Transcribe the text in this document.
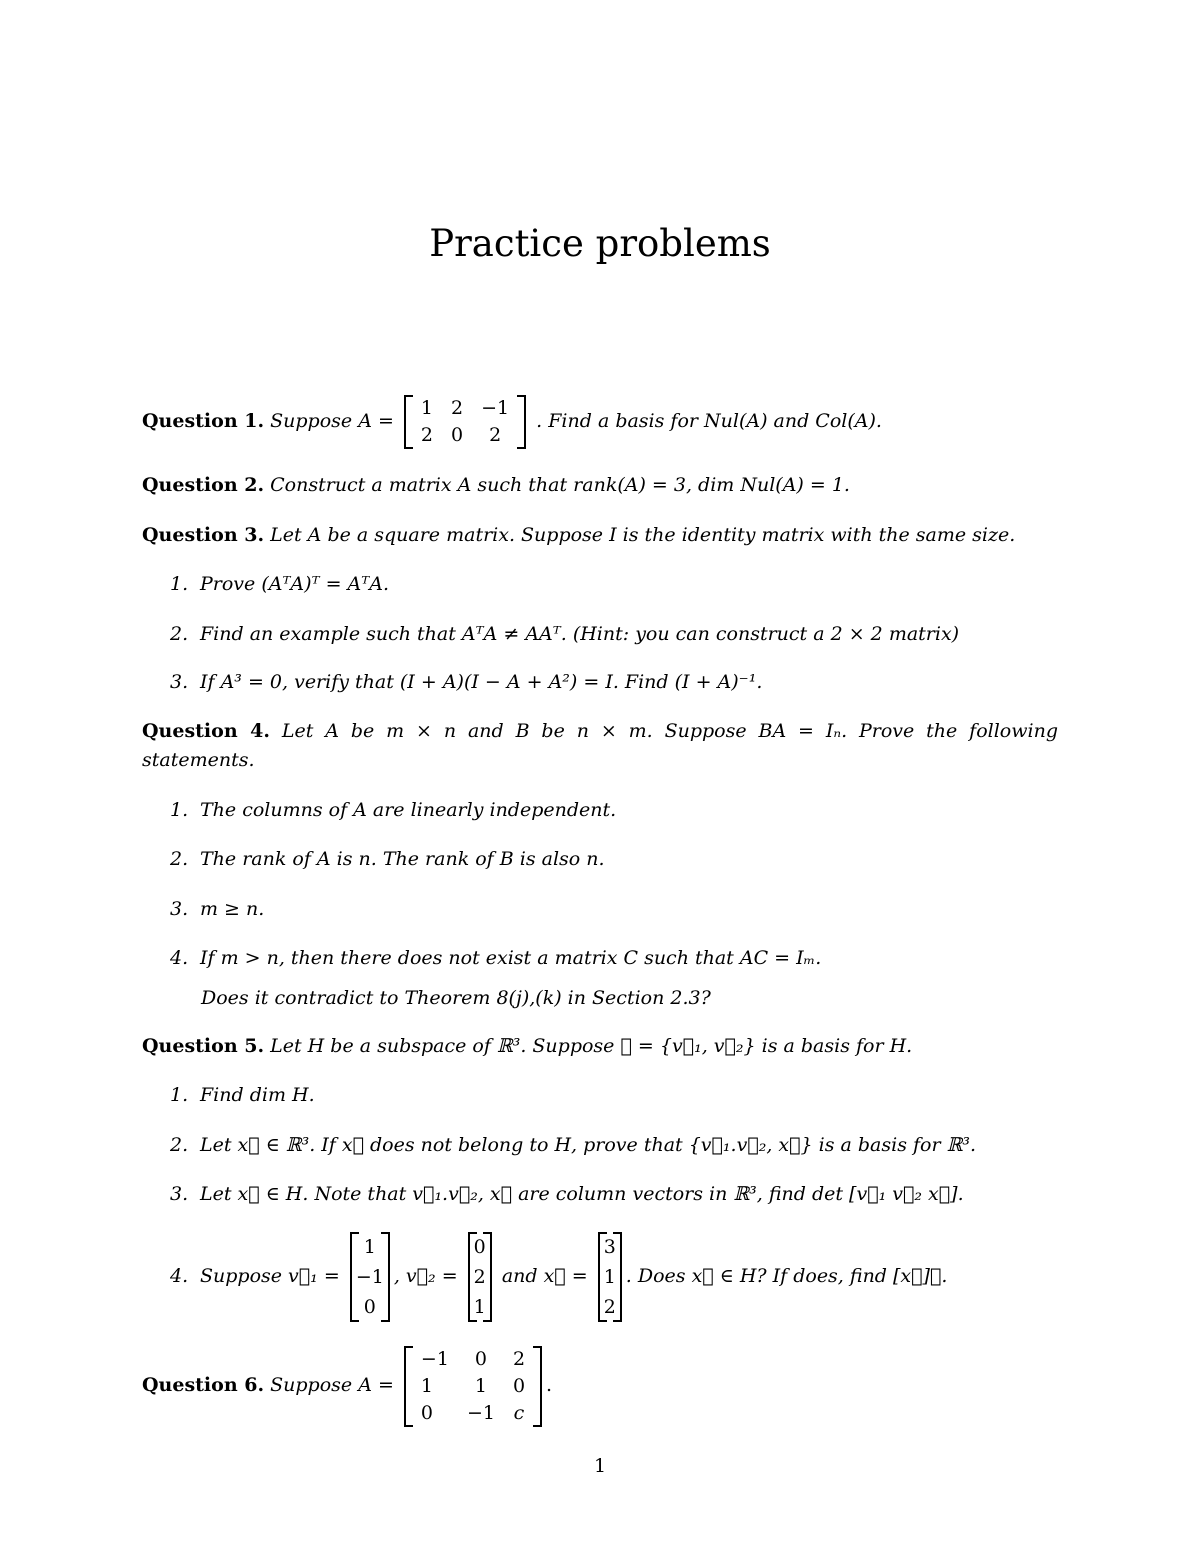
Practice problems
Question 1. Suppose A =
1	2	−1
2	0	2
. Find a basis for Nul(A) and Col(A).
Question 2. Construct a matrix A such that rank(A) = 3, dim Nul(A) = 1.
Question 3. Let A be a square matrix. Suppose I is the identity matrix with the same size.
1. Prove (AᵀA)ᵀ = AᵀA.
2. Find an example such that AᵀA ≠ AAᵀ. (Hint: you can construct a 2 × 2 matrix)
3. If A³ = 0, verify that (I + A)(I − A + A²) = I. Find (I + A)⁻¹.
Question 4. Let A be m × n and B be n × m. Suppose BA = Iₙ. Prove the following statements.
1. The columns of A are linearly independent.
2. The rank of A is n. The rank of B is also n.
3. m ≥ n.
4. If m > n, then there does not exist a matrix C such that AC = Iₘ.
Does it contradict to Theorem 8(j),(k) in Section 2.3?
Question 5. Let H be a subspace of ℝ³. Suppose 𝓑 = {v⃗₁, v⃗₂} is a basis for H.
1. Find dim H.
2. Let x⃗ ∈ ℝ³. If x⃗ does not belong to H, prove that {v⃗₁.v⃗₂, x⃗} is a basis for ℝ³.
3. Let x⃗ ∈ H. Note that v⃗₁.v⃗₂, x⃗ are column vectors in ℝ³, find det [v⃗₁ v⃗₂ x⃗].
4. Suppose v⃗₁ =
1
−1
0
, v⃗₂ =
0
2
1
and x⃗ =
3
1
2
. Does x⃗ ∈ H? If does, find [x⃗]𝓑.
Question 6. Suppose A =
−1	0	2
1	1	0
0	−1	c
.
1
